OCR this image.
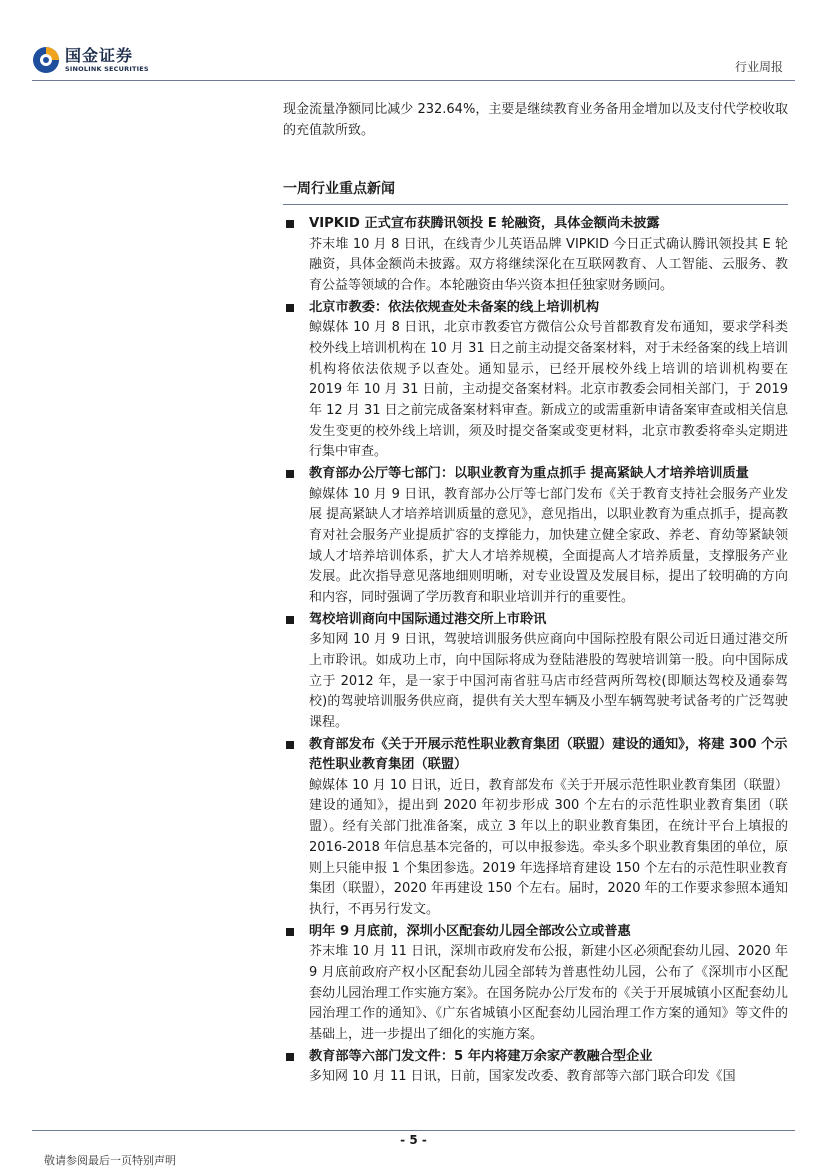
国金证券
SINOLINK SECURITIES	行业周报
现金流量净额同比减少 232.64%，主要是继续教育业务备用金增加以及支付代学校收取的充值款所致。
一周行业重点新闻
VIPKID 正式宣布获腾讯领投 E 轮融资，具体金额尚未披露
芥末堆 10 月 8 日讯，在线青少儿英语品牌 VIPKID 今日正式确认腾讯领投其 E 轮融资，具体金额尚未披露。双方将继续深化在互联网教育、人工智能、云服务、教育公益等领域的合作。本轮融资由华兴资本担任独家财务顾问。
北京市教委：依法依规查处未备案的线上培训机构
鲸媒体 10 月 8 日讯，北京市教委官方微信公众号首都教育发布通知，要求学科类校外线上培训机构在 10 月 31 日之前主动提交备案材料，对于未经备案的线上培训机构将依法依规予以查处。通知显示，已经开展校外线上培训的培训机构要在 2019 年 10 月 31 日前，主动提交备案材料。北京市教委会同相关部门，于 2019 年 12 月 31 日之前完成备案材料审查。新成立的或需重新申请备案审查或相关信息发生变更的校外线上培训，须及时提交备案或变更材料，北京市教委将牵头定期进行集中审查。
教育部办公厅等七部门：以职业教育为重点抓手 提高紧缺人才培养培训质量
鲸媒体 10 月 9 日讯，教育部办公厅等七部门发布《关于教育支持社会服务产业发展 提高紧缺人才培养培训质量的意见》，意见指出，以职业教育为重点抓手，提高教育对社会服务产业提质扩容的支撑能力，加快建立健全家政、养老、育幼等紧缺领域人才培养培训体系，扩大人才培养规模，全面提高人才培养质量，支撑服务产业发展。此次指导意见落地细则明晰，对专业设置及发展目标，提出了较明确的方向和内容，同时强调了学历教育和职业培训并行的重要性。
驾校培训商向中国际通过港交所上市聆讯
多知网 10 月 9 日讯，驾驶培训服务供应商向中国际控股有限公司近日通过港交所上市聆讯。如成功上市，向中国际将成为登陆港股的驾驶培训第一股。向中国际成立于 2012 年，是一家于中国河南省驻马店市经营两所驾校(即顺达驾校及通泰驾校)的驾驶培训服务供应商，提供有关大型车辆及小型车辆驾驶考试备考的广泛驾驶课程。
教育部发布《关于开展示范性职业教育集团（联盟）建设的通知》，将建 300 个示范性职业教育集团（联盟）
鲸媒体 10 月 10 日讯，近日，教育部发布《关于开展示范性职业教育集团（联盟）建设的通知》，提出到 2020 年初步形成 300 个左右的示范性职业教育集团（联盟）。经有关部门批准备案，成立 3 年以上的职业教育集团，在统计平台上填报的 2016-2018 年信息基本完备的，可以申报参选。牵头多个职业教育集团的单位，原则上只能申报 1 个集团参选。2019 年选择培育建设 150 个左右的示范性职业教育集团（联盟），2020 年再建设 150 个左右。届时，2020 年的工作要求参照本通知执行，不再另行发文。
明年 9 月底前，深圳小区配套幼儿园全部改公立或普惠
芥末堆 10 月 11 日讯，深圳市政府发布公报，新建小区必须配套幼儿园、2020 年 9 月底前政府产权小区配套幼儿园全部转为普惠性幼儿园，公布了《深圳市小区配套幼儿园治理工作实施方案》。在国务院办公厅发布的《关于开展城镇小区配套幼儿园治理工作的通知》、《广东省城镇小区配套幼儿园治理工作方案的通知》等文件的基础上，进一步提出了细化的实施方案。
教育部等六部门发文件：5 年内将建万余家产教融合型企业
多知网 10 月 11 日讯，日前，国家发改委、教育部等六部门联合印发《国
- 5 -
敬请参阅最后一页特别声明
